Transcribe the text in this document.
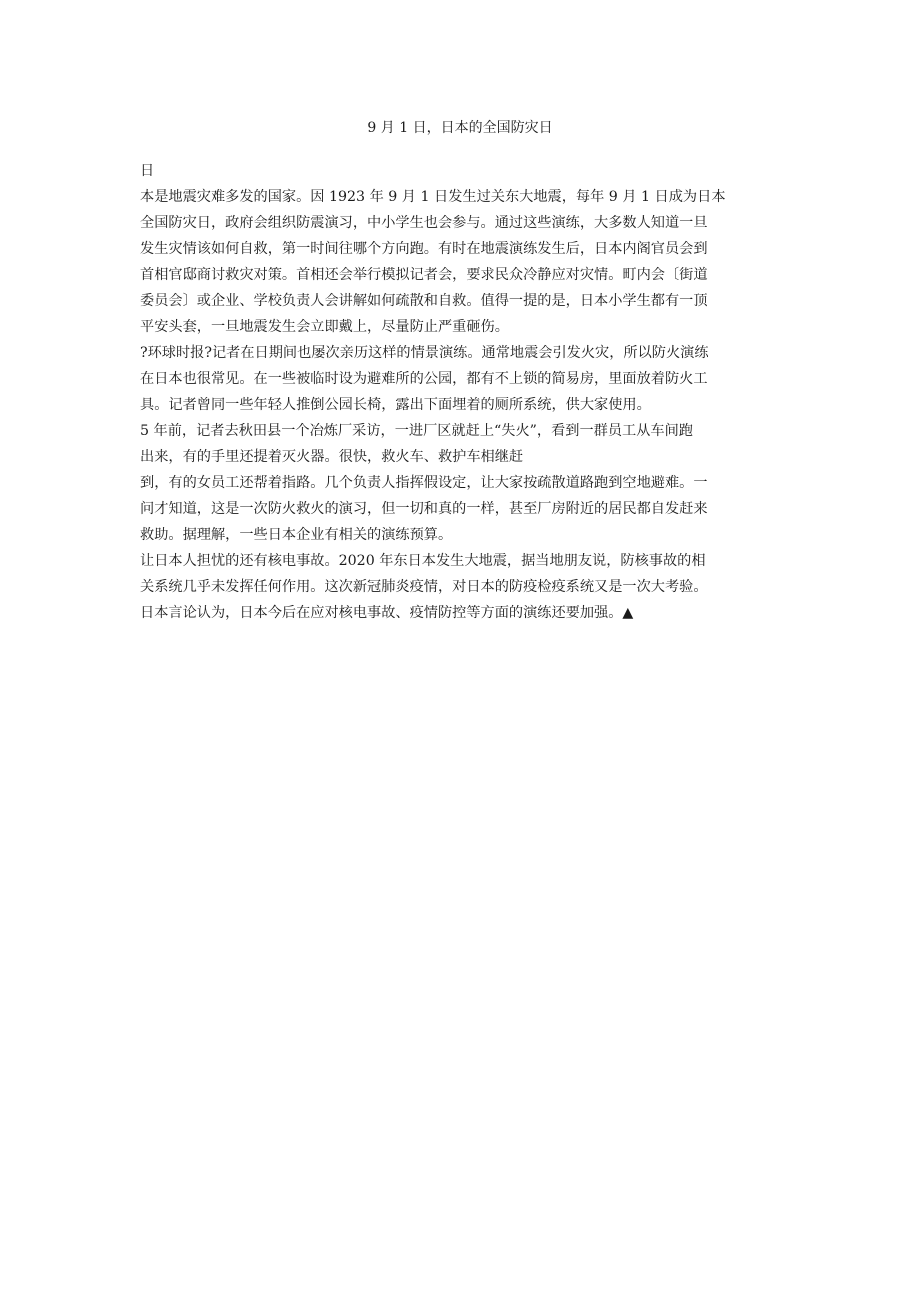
9 月 1 日，日本的全国防灾日
日
本是地震灾难多发的国家。因 1923 年 9 月 1 日发生过关东大地震，每年 9 月 1 日成为日本
全国防灾日，政府会组织防震演习，中小学生也会参与。通过这些演练，大多数人知道一旦
发生灾情该如何自救，第一时间往哪个方向跑。有时在地震演练发生后，日本内阁官员会到
首相官邸商讨救灾对策。首相还会举行模拟记者会，要求民众冷静应对灾情。町内会〔街道
委员会〕或企业、学校负责人会讲解如何疏散和自救。值得一提的是，日本小学生都有一顶
平安头套，一旦地震发生会立即戴上，尽量防止严重砸伤。
?环球时报?记者在日期间也屡次亲历这样的情景演练。通常地震会引发火灾，所以防火演练
在日本也很常见。在一些被临时设为避难所的公园，都有不上锁的简易房，里面放着防火工
具。记者曾同一些年轻人推倒公园长椅，露出下面埋着的厕所系统，供大家使用。
5 年前，记者去秋田县一个冶炼厂采访，一进厂区就赶上“失火”，看到一群员工从车间跑
出来，有的手里还提着灭火器。很快，救火车、救护车相继赶
到，有的女员工还帮着指路。几个负责人指挥假设定，让大家按疏散道路跑到空地避难。一
问才知道，这是一次防火救火的演习，但一切和真的一样，甚至厂房附近的居民都自发赶来
救助。据理解，一些日本企业有相关的演练预算。
让日本人担忧的还有核电事故。2020 年东日本发生大地震，据当地朋友说，防核事故的相
关系统几乎未发挥任何作用。这次新冠肺炎疫情，对日本的防疫检疫系统又是一次大考验。
日本言论认为，日本今后在应对核电事故、疫情防控等方面的演练还要加强。▲
